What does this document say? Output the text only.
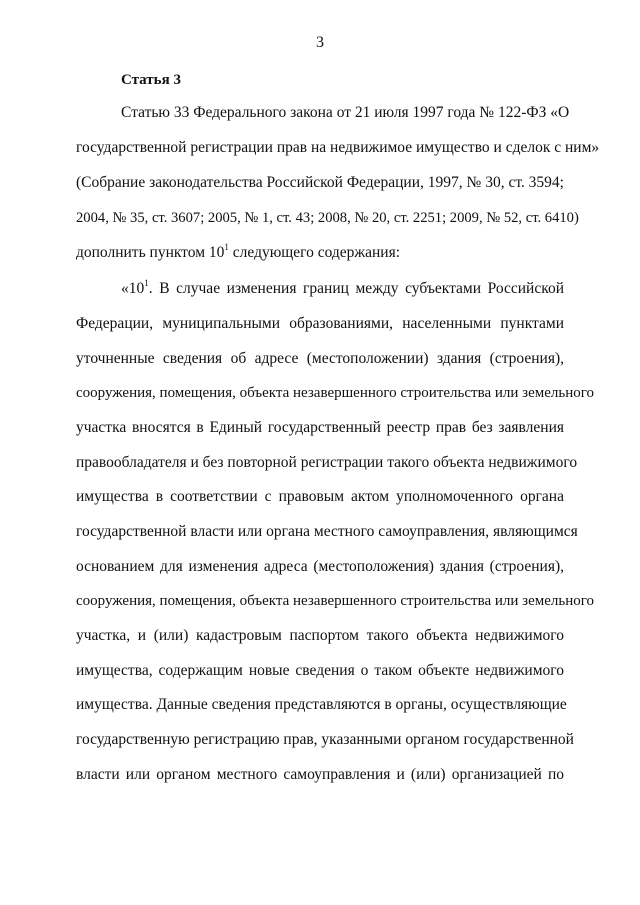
3
Статья 3
Статью 33 Федерального закона от 21 июля 1997 года № 122-ФЗ «О
государственной регистрации прав на недвижимое имущество и сделок с ним»
(Собрание законодательства Российской Федерации, 1997, № 30, ст. 3594;
2004, № 35, ст. 3607; 2005, № 1, ст. 43; 2008, № 20, ст. 2251; 2009, № 52, ст. 6410)
дополнить пунктом $10^1$ следующего содержания:
«$10^1$. В случае изменения границ между субъектами Российской
Федерации, муниципальными образованиями, населенными пунктами
уточненные сведения об адресе (местоположении) здания (строения),
сооружения, помещения, объекта незавершенного строительства или земельного
участка вносятся в Единый государственный реестр прав без заявления
правообладателя и без повторной регистрации такого объекта недвижимого
имущества в соответствии с правовым актом уполномоченного органа
государственной власти или органа местного самоуправления, являющимся
основанием для изменения адреса (местоположения) здания (строения),
сооружения, помещения, объекта незавершенного строительства или земельного
участка, и (или) кадастровым паспортом такого объекта недвижимого
имущества, содержащим новые сведения о таком объекте недвижимого
имущества. Данные сведения представляются в органы, осуществляющие
государственную регистрацию прав, указанными органом государственной
власти или органом местного самоуправления и (или) организацией по
